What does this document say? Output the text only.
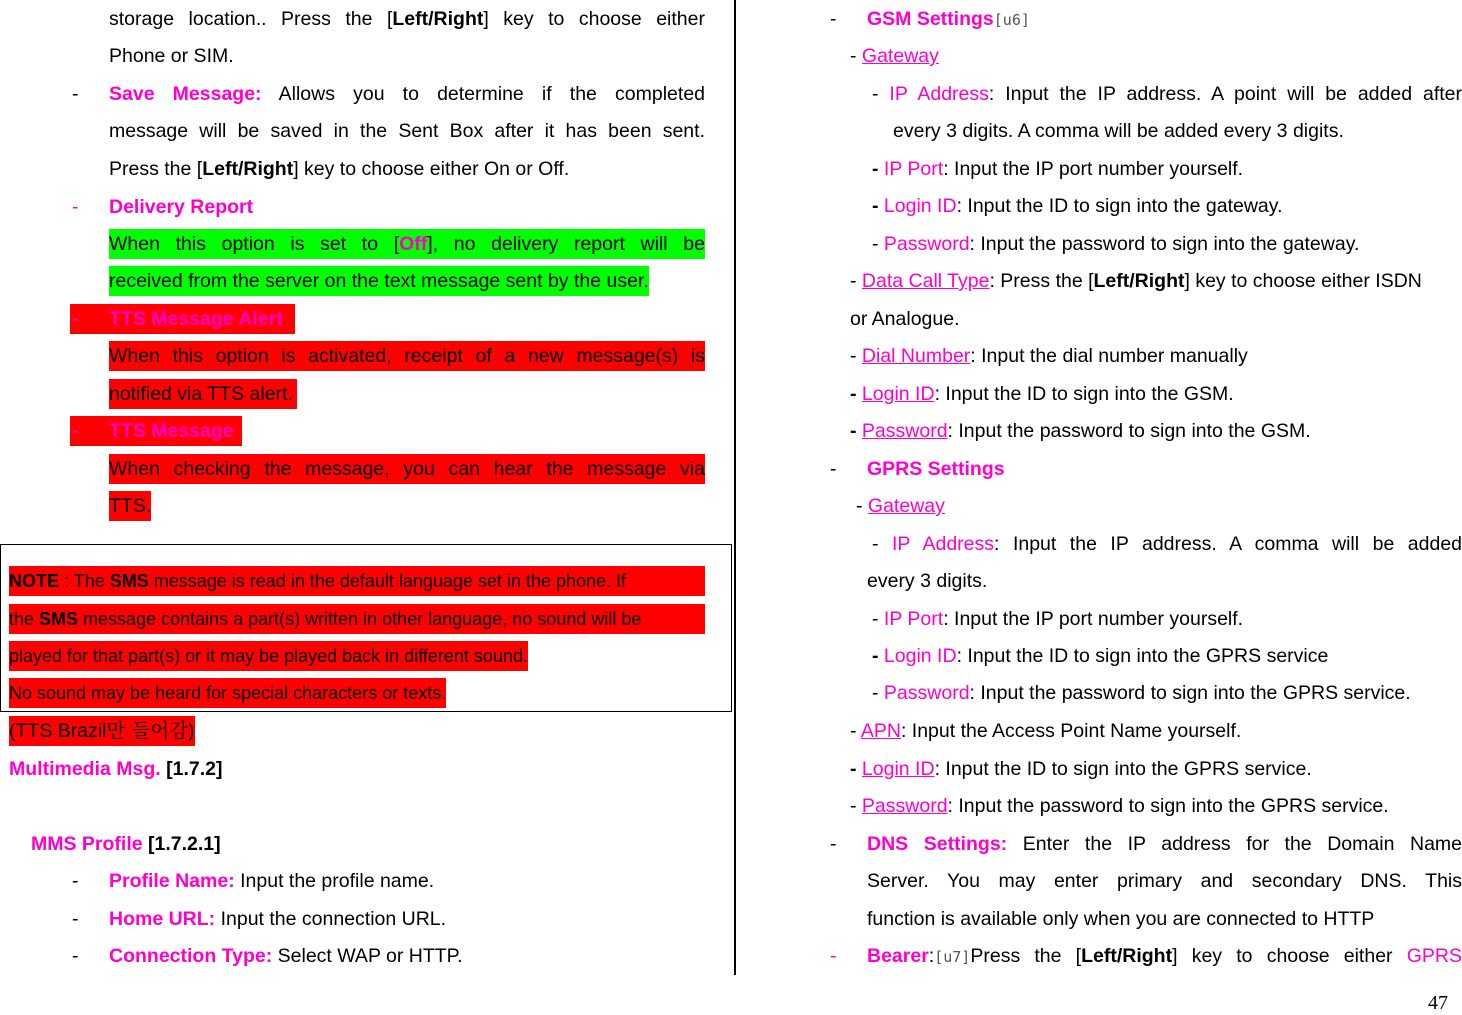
storage location.. Press the [Left/Right] key to choose either
Phone or SIM.
-	Save Message: Allows you to determine if the completed
message will be saved in the Sent Box after it has been sent.
Press the [Left/Right] key to choose either On or Off.
-	Delivery Report
When this option is set to [Off], no delivery report will be
received from the server on the text message sent by the user.
- TTS Message Alert
When this option is activated, receipt of a new message(s) is
notified via TTS alert.
- TTS Message
When checking the message, you can hear the message via
TTS.
NOTE : The SMS message is read in the default language set in the phone. If
the SMS message contains a part(s) written in other language, no sound will be
played for that part(s) or it may be played back in different sound.
No sound may be heard for special characters or texts.
(TTS Brazil만 들어감)
Multimedia Msg. [1.7.2]
MMS Profile [1.7.2.1]
-	Profile Name: Input the profile name.
-	Home URL: Input the connection URL.
-	Connection Type: Select WAP or HTTP.
-	GSM Settings[u6]
- Gateway
- IP Address: Input the IP address. A point will be added after
every 3 digits. A comma will be added every 3 digits.
- IP Port: Input the IP port number yourself.
- Login ID: Input the ID to sign into the gateway.
- Password: Input the password to sign into the gateway.
- Data Call Type: Press the [Left/Right] key to choose either ISDN
or Analogue.
- Dial Number: Input the dial number manually
- Login ID: Input the ID to sign into the GSM.
- Password: Input the password to sign into the GSM.
-	GPRS Settings
- Gateway
- IP Address: Input the IP address. A comma will be added
every 3 digits.
- IP Port: Input the IP port number yourself.
- Login ID: Input the ID to sign into the GPRS service
- Password: Input the password to sign into the GPRS service.
- APN: Input the Access Point Name yourself.
- Login ID: Input the ID to sign into the GPRS service.
- Password: Input the password to sign into the GPRS service.
-	DNS Settings: Enter the IP address for the Domain Name
Server. You may enter primary and secondary DNS. This
function is available only when you are connected to HTTP
-	Bearer:[u7]Press the [Left/Right] key to choose either GPRS
47
